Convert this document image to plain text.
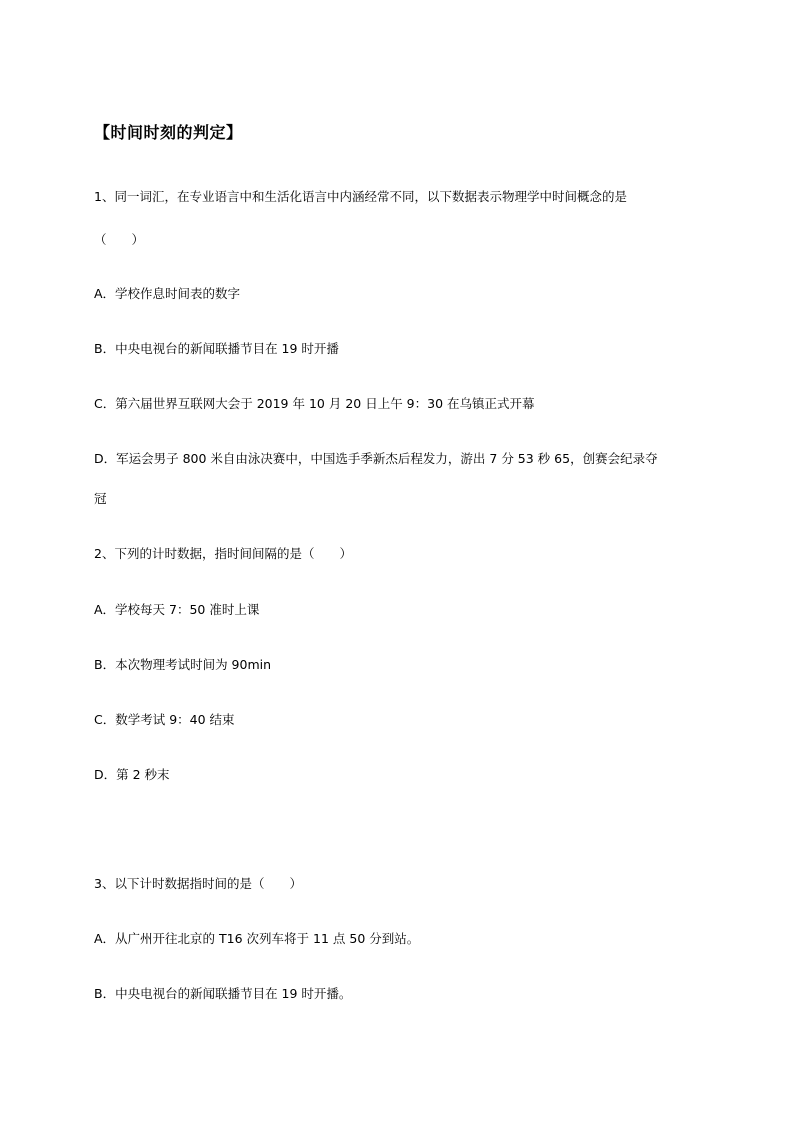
【时间时刻的判定】
1、同一词汇，在专业语言中和生活化语言中内涵经常不同，以下数据表示物理学中时间概念的是
（　　）
A．学校作息时间表的数字
B．中央电视台的新闻联播节目在 19 时开播
C．第六届世界互联网大会于 2019 年 10 月 20 日上午 9：30 在乌镇正式开幕
D．军运会男子 800 米自由泳决赛中，中国选手季新杰后程发力，游出 7 分 53 秒 65，创赛会纪录夺
冠
2、下列的计时数据，指时间间隔的是（　　）
A．学校每天 7：50 准时上课
B．本次物理考试时间为 90min
C．数学考试 9：40 结束
D．第 2 秒末
3、以下计时数据指时间的是（　　）
A．从广州开往北京的 T16 次列车将于 11 点 50 分到站。
B．中央电视台的新闻联播节目在 19 时开播。
